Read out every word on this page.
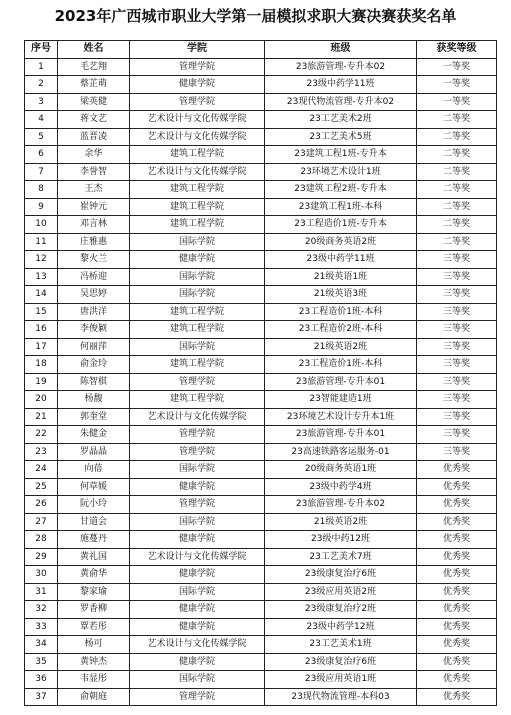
2023年广西城市职业大学第一届模拟求职大赛决赛获奖名单
序号	姓名	学院	班级	获奖等级
1	毛艺翔	管理学院	23旅游管理-专升本02	一等奖
2	蔡芷萌	健康学院	23级中药学11班	一等奖
3	梁英健	管理学院	23现代物流管理-专升本02	一等奖
4	蒋文艺	艺术设计与文化传媒学院	23工艺美术2班	二等奖
5	蓝晋凌	艺术设计与文化传媒学院	23工艺美术5班	二等奖
6	余华	建筑工程学院	23建筑工程1班-专升本	二等奖
7	李誉智	艺术设计与文化传媒学院	23环境艺术设计1班	二等奖
8	王杰	建筑工程学院	23建筑工程2班-专升本	二等奖
9	崔钟元	建筑工程学院	23建筑工程1班-本科	二等奖
10	邓言林	建筑工程学院	23工程造价1班-专升本	二等奖
11	庄雅惠	国际学院	20级商务英语2班	二等奖
12	黎火兰	健康学院	23级中药学11班	三等奖
13	冯桥迎	国际学院	21级英语1班	三等奖
14	吴思婷	国际学院	21级英语3班	三等奖
15	唐洪洋	建筑工程学院	23工程造价1班-本科	三等奖
16	李俊颖	建筑工程学院	23工程造价2班-本科	三等奖
17	何丽萍	国际学院	21级英语2班	三等奖
18	俞金玲	建筑工程学院	23工程造价1班-本科	三等奖
19	陈智棋	管理学院	23旅游管理-专升本01	三等奖
20	杨馥	建筑工程学院	23智能建造1班	三等奖
21	郭奎堂	艺术设计与文化传媒学院	23环境艺术设计专升本1班	三等奖
22	朱健金	管理学院	23旅游管理-专升本01	三等奖
23	罗晶晶	管理学院	23高速铁路客运服务-01	三等奖
24	向蓓	国际学院	20级商务英语1班	优秀奖
25	何草媛	健康学院	23级中药学4班	优秀奖
26	阮小玲	管理学院	23旅游管理-专升本02	优秀奖
27	甘道会	国际学院	21级英语2班	优秀奖
28	施蔓丹	健康学院	23级中药12班	优秀奖
29	黄礼国	艺术设计与文化传媒学院	23工艺美术7班	优秀奖
30	黄俞华	健康学院	23级康复治疗6班	优秀奖
31	黎家瑜	国际学院	23级应用英语2班	优秀奖
32	罗香柳	健康学院	23级康复治疗2班	优秀奖
33	覃若彤	健康学院	23级中药学12班	优秀奖
34	杨可	艺术设计与文化传媒学院	23工艺美术1班	优秀奖
35	黄钟杰	健康学院	23级康复治疗6班	优秀奖
36	韦显彤	国际学院	23级应用英语1班	优秀奖
37	俞朝庭	管理学院	23现代物流管理-本科03	优秀奖
